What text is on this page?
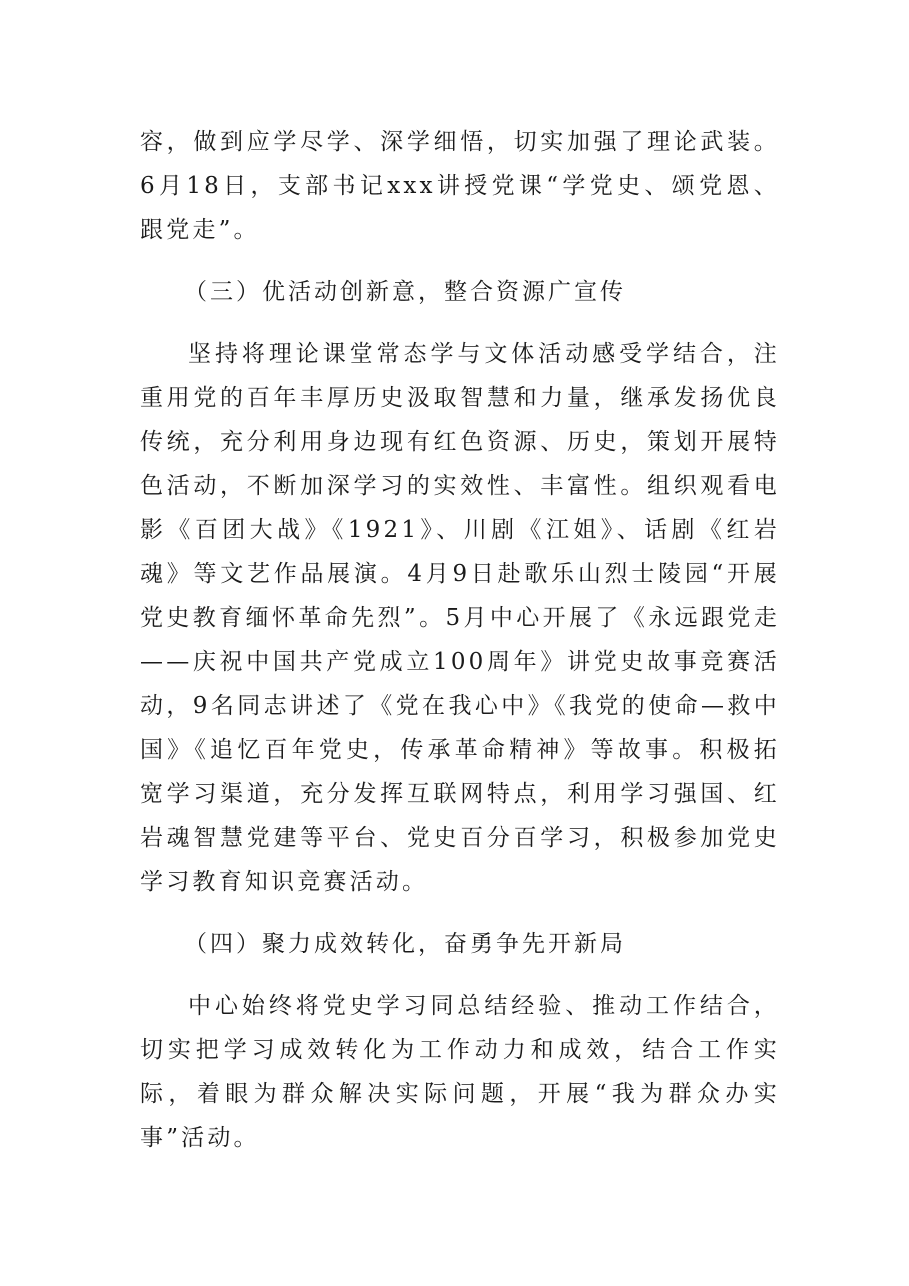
容，做到应学尽学、深学细悟，切实加强了理论武装。6月18日，支部书记xxx讲授党课“学党史、颂党恩、跟党走”。

（三）优活动创新意，整合资源广宣传

坚持将理论课堂常态学与文体活动感受学结合，注重用党的百年丰厚历史汲取智慧和力量，继承发扬优良传统，充分利用身边现有红色资源、历史，策划开展特色活动，不断加深学习的实效性、丰富性。组织观看电影《百团大战》《1921》、川剧《江姐》、话剧《红岩魂》等文艺作品展演。4月9日赴歌乐山烈士陵园“开展党史教育缅怀革命先烈”。5月中心开展了《永远跟党走——庆祝中国共产党成立100周年》讲党史故事竞赛活动，9名同志讲述了《党在我心中》《我党的使命—救中国》《追忆百年党史，传承革命精神》等故事。积极拓宽学习渠道，充分发挥互联网特点，利用学习强国、红岩魂智慧党建等平台、党史百分百学习，积极参加党史学习教育知识竞赛活动。

（四）聚力成效转化，奋勇争先开新局

中心始终将党史学习同总结经验、推动工作结合，切实把学习成效转化为工作动力和成效，结合工作实际，着眼为群众解决实际问题，开展“我为群众办实事”活动。
